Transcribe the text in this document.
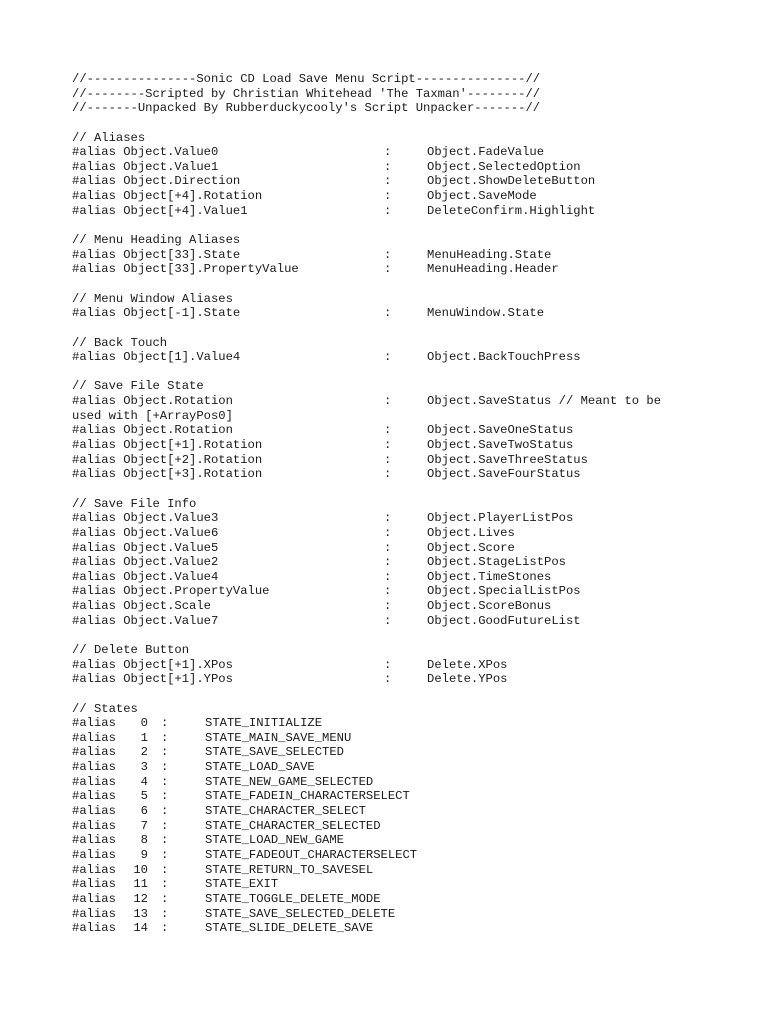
//---------------Sonic CD Load Save Menu Script---------------//
//--------Scripted by Christian Whitehead 'The Taxman'--------//
//-------Unpacked By Rubberduckycooly's Script Unpacker-------//
// Aliases
#alias Object.Value0	:	Object.FadeValue
#alias Object.Value1	:	Object.SelectedOption
#alias Object.Direction	:	Object.ShowDeleteButton
#alias Object[+4].Rotation	:	Object.SaveMode
#alias Object[+4].Value1	:	DeleteConfirm.Highlight
// Menu Heading Aliases
#alias Object[33].State	:	MenuHeading.State
#alias Object[33].PropertyValue	:	MenuHeading.Header
// Menu Window Aliases
#alias Object[-1].State	:	MenuWindow.State
// Back Touch
#alias Object[1].Value4	:	Object.BackTouchPress
// Save File State
#alias Object.Rotation	:	Object.SaveStatus // Meant to be
used with [+ArrayPos0]
#alias Object.Rotation	:	Object.SaveOneStatus
#alias Object[+1].Rotation	:	Object.SaveTwoStatus
#alias Object[+2].Rotation	:	Object.SaveThreeStatus
#alias Object[+3].Rotation	:	Object.SaveFourStatus
// Save File Info
#alias Object.Value3	:	Object.PlayerListPos
#alias Object.Value6	:	Object.Lives
#alias Object.Value5	:	Object.Score
#alias Object.Value2	:	Object.StageListPos
#alias Object.Value4	:	Object.TimeStones
#alias Object.PropertyValue	:	Object.SpecialListPos
#alias Object.Scale	:	Object.ScoreBonus
#alias Object.Value7	:	Object.GoodFutureList
// Delete Button
#alias Object[+1].XPos	:	Delete.XPos
#alias Object[+1].YPos	:	Delete.YPos
// States
#alias	0 :	STATE_INITIALIZE
#alias	1 :	STATE_MAIN_SAVE_MENU
#alias	2 :	STATE_SAVE_SELECTED
#alias	3 :	STATE_LOAD_SAVE
#alias	4 :	STATE_NEW_GAME_SELECTED
#alias	5 :	STATE_FADEIN_CHARACTERSELECT
#alias	6 :	STATE_CHARACTER_SELECT
#alias	7 :	STATE_CHARACTER_SELECTED
#alias	8 :	STATE_LOAD_NEW_GAME
#alias	9 :	STATE_FADEOUT_CHARACTERSELECT
#alias	10 :	STATE_RETURN_TO_SAVESEL
#alias	11 :	STATE_EXIT
#alias	12 :	STATE_TOGGLE_DELETE_MODE
#alias	13 :	STATE_SAVE_SELECTED_DELETE
#alias	14 :	STATE_SLIDE_DELETE_SAVE
